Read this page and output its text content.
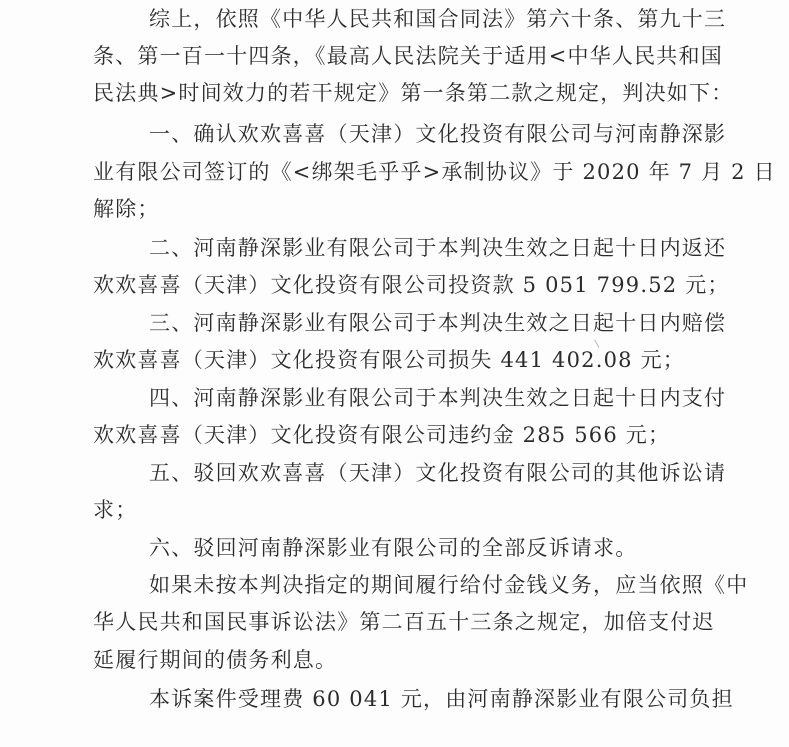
综上，依照《中华人民共和国合同法》第六十条、第九十三
条、第一百一十四条，《最高人民法院关于适用<中华人民共和国
民法典>时间效力的若干规定》第一条第二款之规定，判决如下：
一、确认欢欢喜喜（天津）文化投资有限公司与河南静深影
业有限公司签订的《<绑架毛乎乎>承制协议》于 2020 年 7 月 2 日
解除；
二、河南静深影业有限公司于本判决生效之日起十日内返还
欢欢喜喜（天津）文化投资有限公司投资款 5 051 799.52 元；
三、河南静深影业有限公司于本判决生效之日起十日内赔偿
欢欢喜喜（天津）文化投资有限公司损失 441 402.08 元；
四、河南静深影业有限公司于本判决生效之日起十日内支付
欢欢喜喜（天津）文化投资有限公司违约金 285 566 元；
五、驳回欢欢喜喜（天津）文化投资有限公司的其他诉讼请
求；
六、驳回河南静深影业有限公司的全部反诉请求。
如果未按本判决指定的期间履行给付金钱义务，应当依照《中
华人民共和国民事诉讼法》第二百五十三条之规定，加倍支付迟
延履行期间的债务利息。
本诉案件受理费 60 041 元，由河南静深影业有限公司负担
